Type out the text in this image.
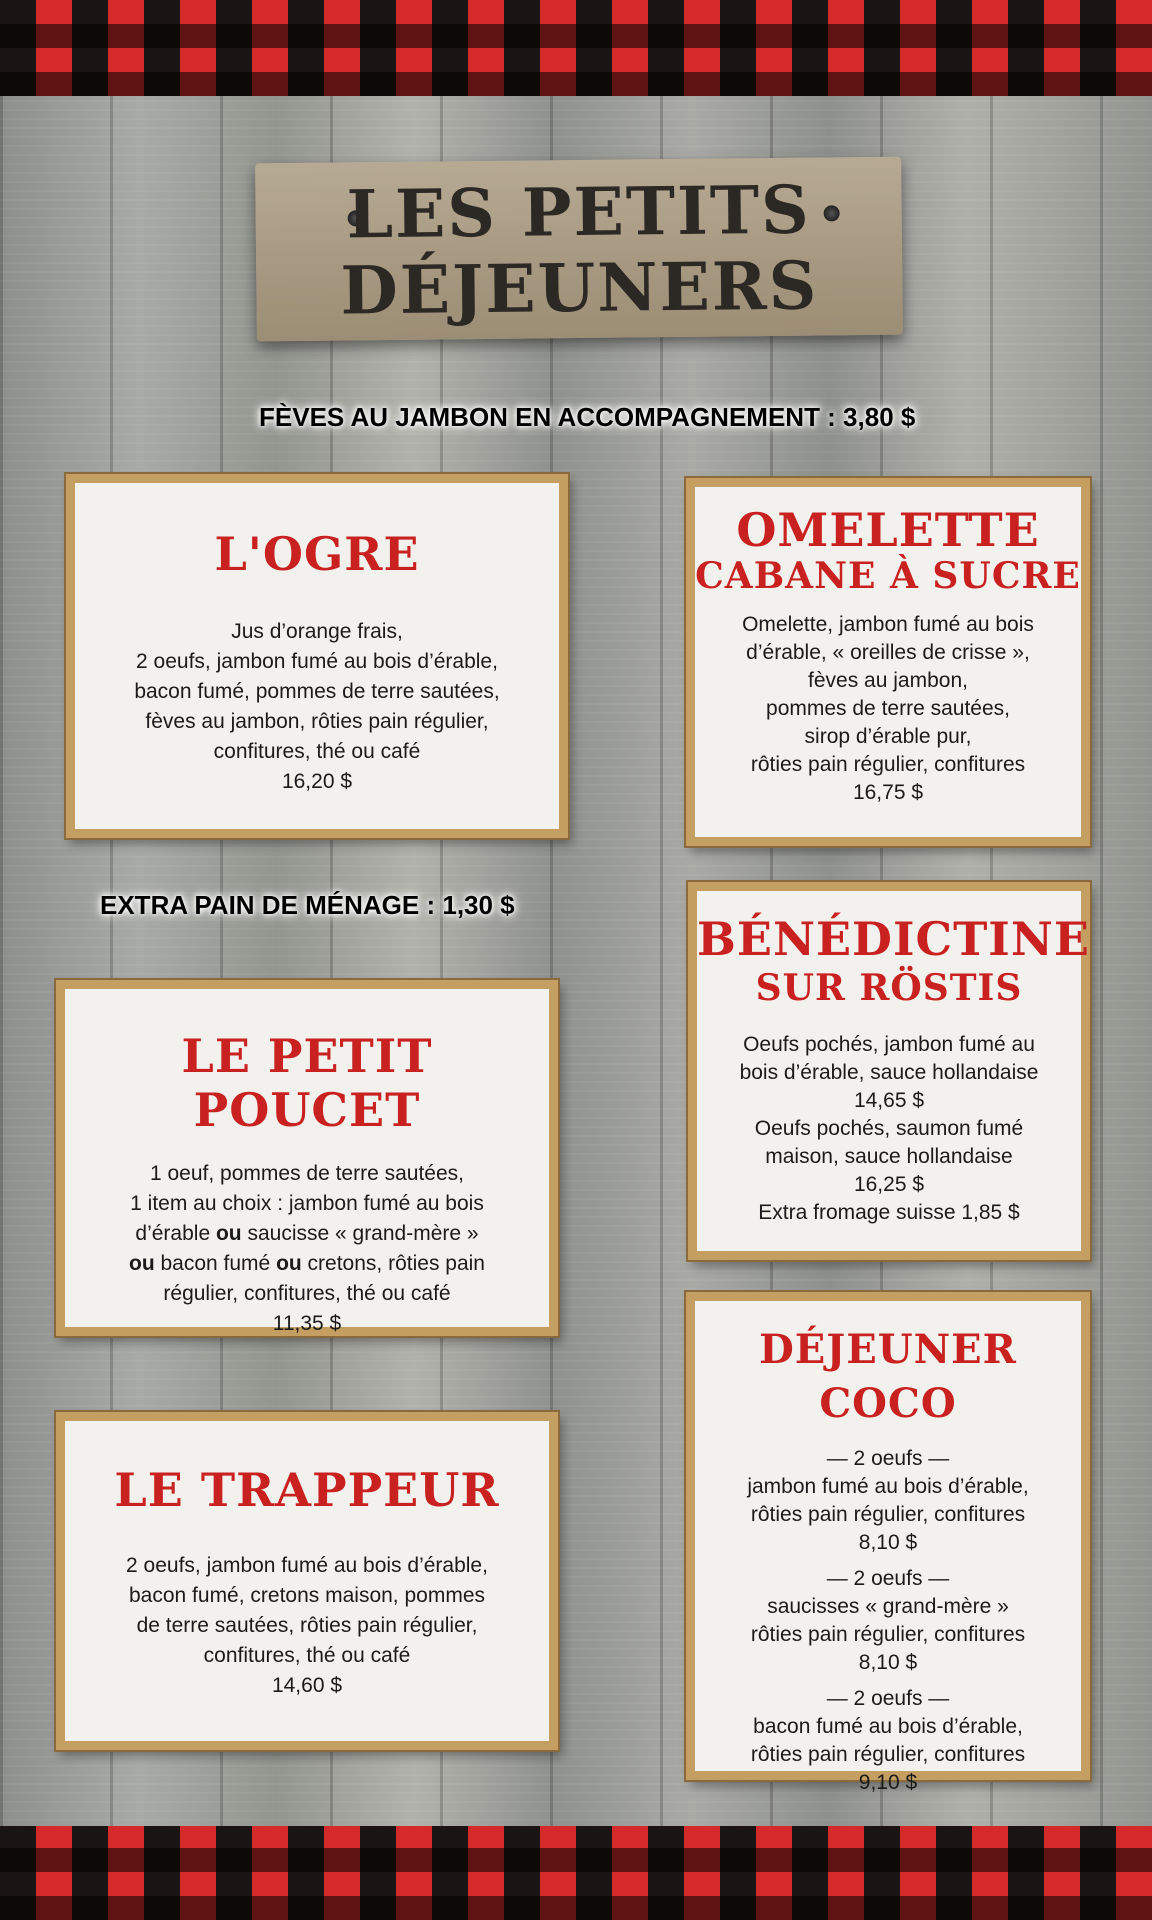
LES PETITS
DÉJEUNERS
FÈVES AU JAMBON EN ACCOMPAGNEMENT : 3,80 $
L'OGRE
Jus d’orange frais,
2 oeufs, jambon fumé au bois d’érable,
bacon fumé, pommes de terre sautées,
fèves au jambon, rôties pain régulier,
confitures, thé ou café
16,20 $
OMELETTE
CABANE À SUCRE
Omelette, jambon fumé au bois
d’érable, « oreilles de crisse »,
fèves au jambon,
pommes de terre sautées,
sirop d’érable pur,
rôties pain régulier, confitures
16,75 $
EXTRA PAIN DE MÉNAGE : 1,30 $
BÉNÉDICTINE
SUR RÖSTIS
Oeufs pochés, jambon fumé au
bois d’érable, sauce hollandaise
14,65 $
Oeufs pochés, saumon fumé
maison, sauce hollandaise
16,25 $
Extra fromage suisse 1,85 $
LE PETIT POUCET
1 oeuf, pommes de terre sautées,
1 item au choix : jambon fumé au bois
d’érable ou saucisse « grand-mère »
ou bacon fumé ou cretons, rôties pain
régulier, confitures, thé ou café
11,35 $
DÉJEUNER COCO
— 2 oeufs —
jambon fumé au bois d’érable,
rôties pain régulier, confitures
8,10 $
— 2 oeufs —
saucisses « grand-mère »
rôties pain régulier, confitures
8,10 $
— 2 oeufs —
bacon fumé au bois d’érable,
rôties pain régulier, confitures
9,10 $
LE TRAPPEUR
2 oeufs, jambon fumé au bois d’érable,
bacon fumé, cretons maison, pommes
de terre sautées, rôties pain régulier,
confitures, thé ou café
14,60 $
